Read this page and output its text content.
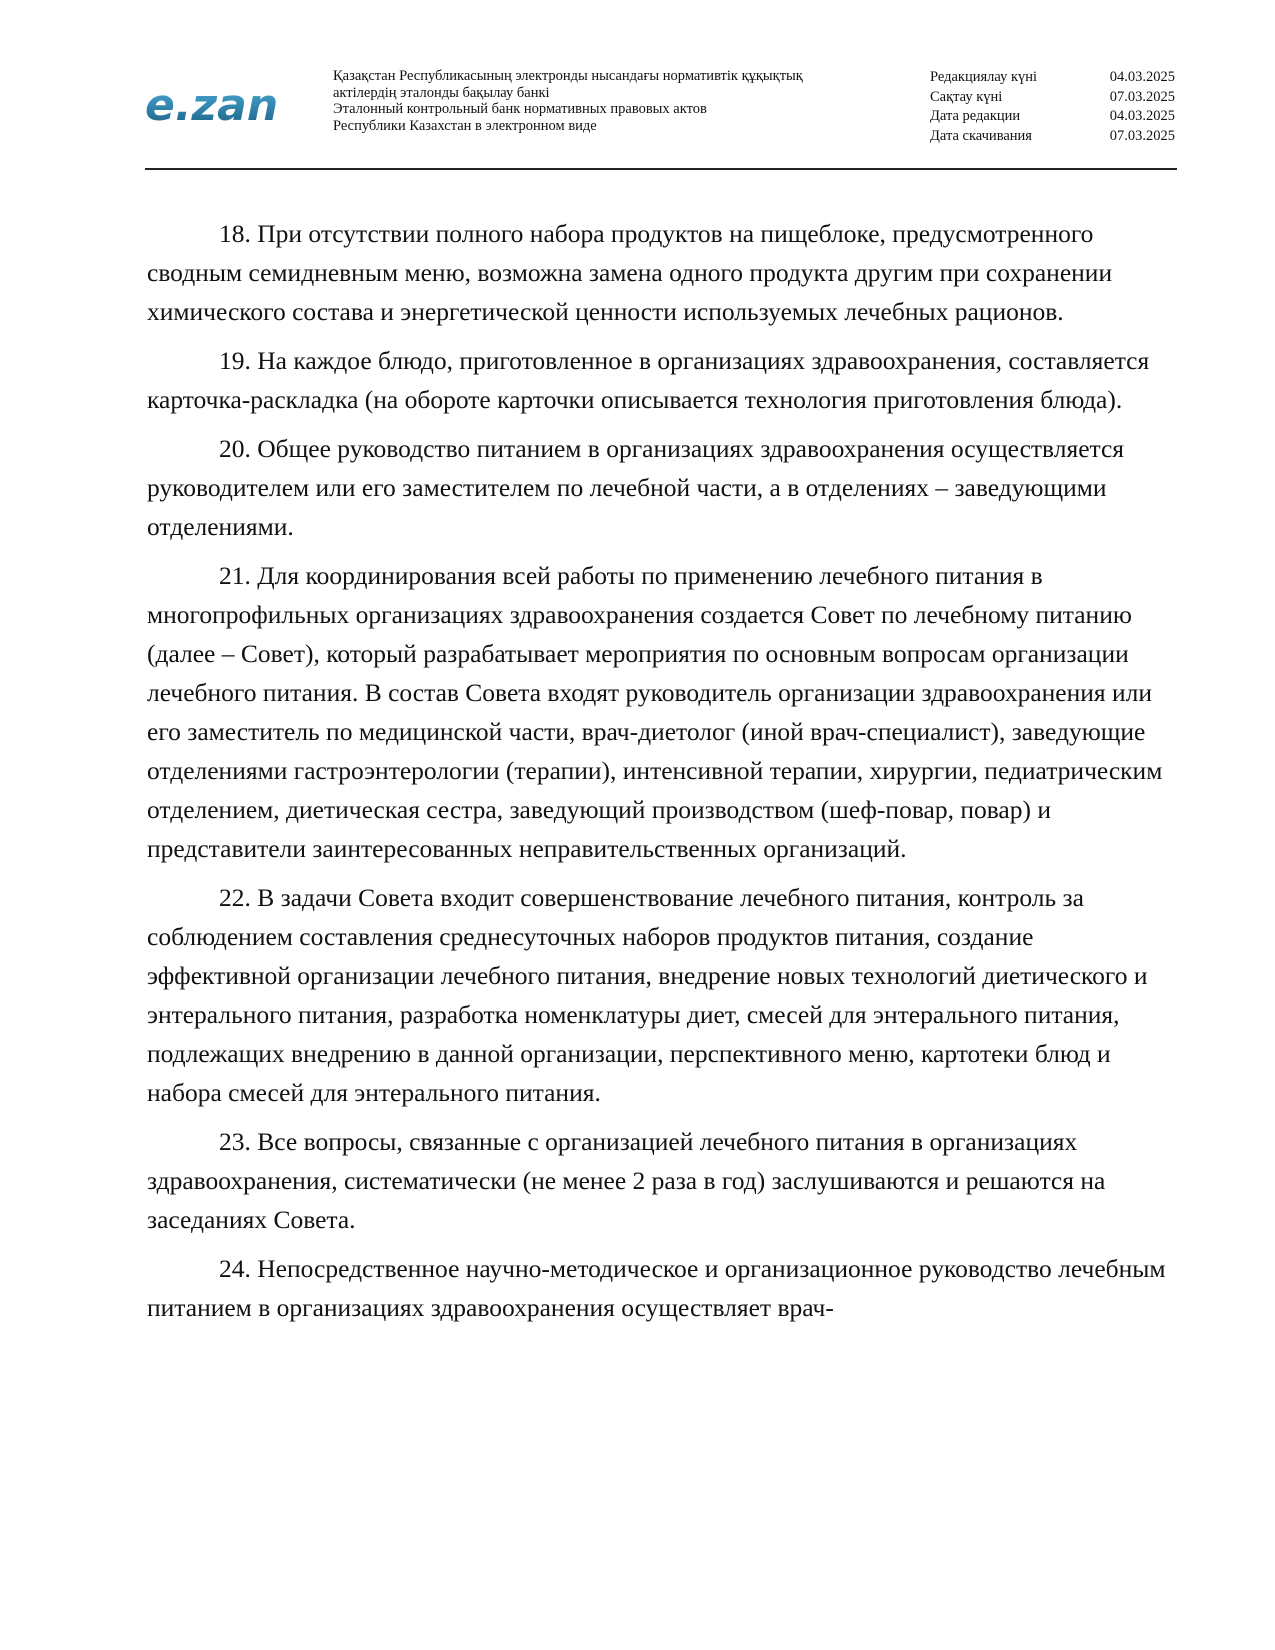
e.zan
Қазақстан Республикасының электронды нысандағы нормативтік құқықтық
актілердің эталонды бақылау банкі
Эталонный контрольный банк нормативных правовых актов
Республики Казахстан в электронном виде
Редакциялау күні	04.03.2025
Сақтау күні	07.03.2025
Дата редакции	04.03.2025
Дата скачивания	07.03.2025

18. При отсутствии полного набора продуктов на пищеблоке, предусмотренного сводным семидневным меню, возможна замена одного продукта другим при сохранении химического состава и энергетической ценности используемых лечебных рационов.

19. На каждое блюдо, приготовленное в организациях здравоохранения, составляется карточка-раскладка (на обороте карточки описывается технология приготовления блюда).

20. Общее руководство питанием в организациях здравоохранения осуществляется руководителем или его заместителем по лечебной части, а в отделениях – заведующими отделениями.

21. Для координирования всей работы по применению лечебного питания в многопрофильных организациях здравоохранения создается Совет по лечебному питанию (далее – Совет), который разрабатывает мероприятия по основным вопросам организации лечебного питания. В состав Совета входят руководитель организации здравоохранения или его заместитель по медицинской части, врач-диетолог (иной врач-специалист), заведующие отделениями гастроэнтерологии (терапии), интенсивной терапии, хирургии, педиатрическим отделением, диетическая сестра, заведующий производством (шеф-повар, повар) и представители заинтересованных неправительственных организаций.

22. В задачи Совета входит совершенствование лечебного питания, контроль за соблюдением составления среднесуточных наборов продуктов питания, создание эффективной организации лечебного питания, внедрение новых технологий диетического и энтерального питания, разработка номенклатуры диет, смесей для энтерального питания, подлежащих внедрению в данной организации, перспективного меню, картотеки блюд и набора смесей для энтерального питания.

23. Все вопросы, связанные с организацией лечебного питания в организациях здравоохранения, систематически (не менее 2 раза в год) заслушиваются и решаются на заседаниях Совета.

24. Непосредственное научно-методическое и организационное руководство лечебным питанием в организациях здравоохранения осуществляет врач-
